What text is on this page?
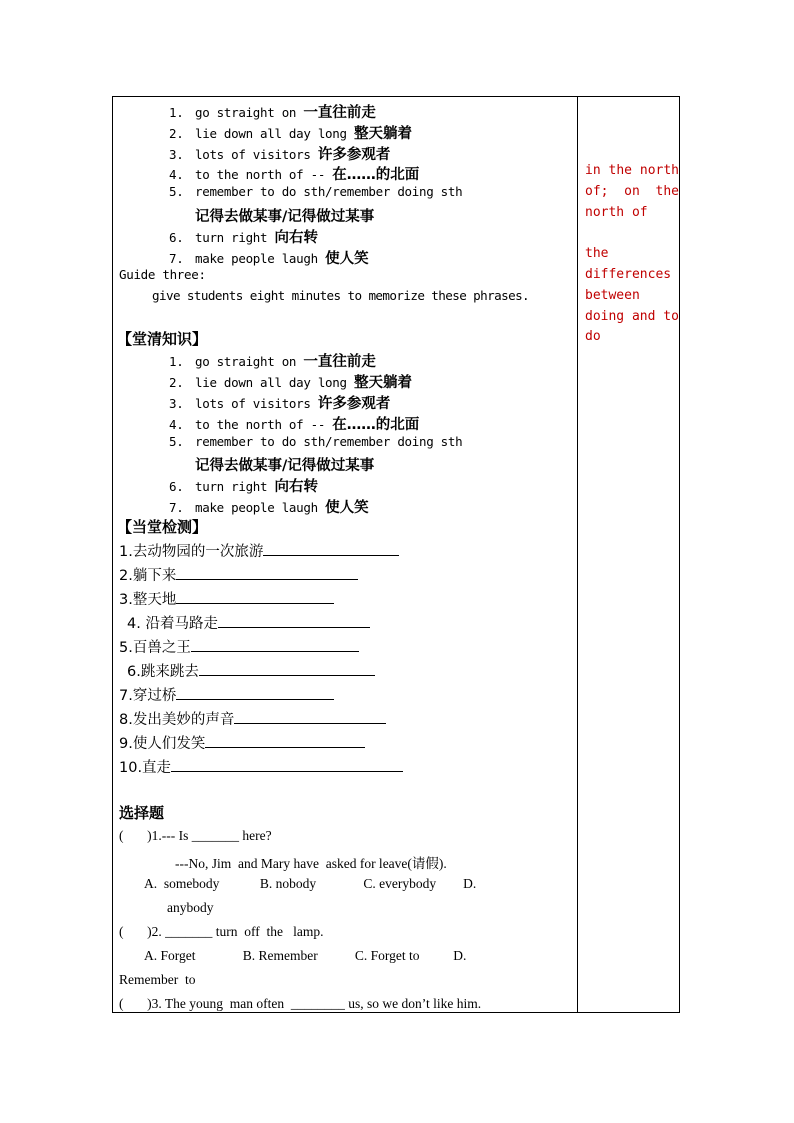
1. go straight on 一直往前走
2. lie down all day long 整天躺着
3. lots of visitors 许多参观者
4. to the north of -- 在……的北面
5. remember to do sth/remember doing sth
记得去做某事/记得做过某事
6. turn right 向右转
7. make people laugh 使人笑
Guide three:
give students eight minutes to memorize these phrases.
【堂清知识】
1. go straight on 一直往前走
2. lie down all day long 整天躺着
3. lots of visitors 许多参观者
4. to the north of -- 在……的北面
5. remember to do sth/remember doing sth
记得去做某事/记得做过某事
6. turn right 向右转
7. make people laugh 使人笑
【当堂检测】
1.去动物园的一次旅游
2.躺下来
3.整天地
4. 沿着马路走
5.百兽之王
6.跳来跳去
7.穿过桥
8.发出美妙的声音
9.使人们发笑
10.直走
选择题
(       )1.--- Is _______ here?
---No, Jim  and Mary have  asked for leave(请假).
A.  somebody            B. nobody              C. everybody        D.
anybody
(       )2. _______ turn  off  the   lamp.
A. Forget              B. Remember           C. Forget to          D.
Remember  to
(       )3. The young  man often  ________ us, so we don’t like him.
in the north of; on the north of
the differences between doing and to do
